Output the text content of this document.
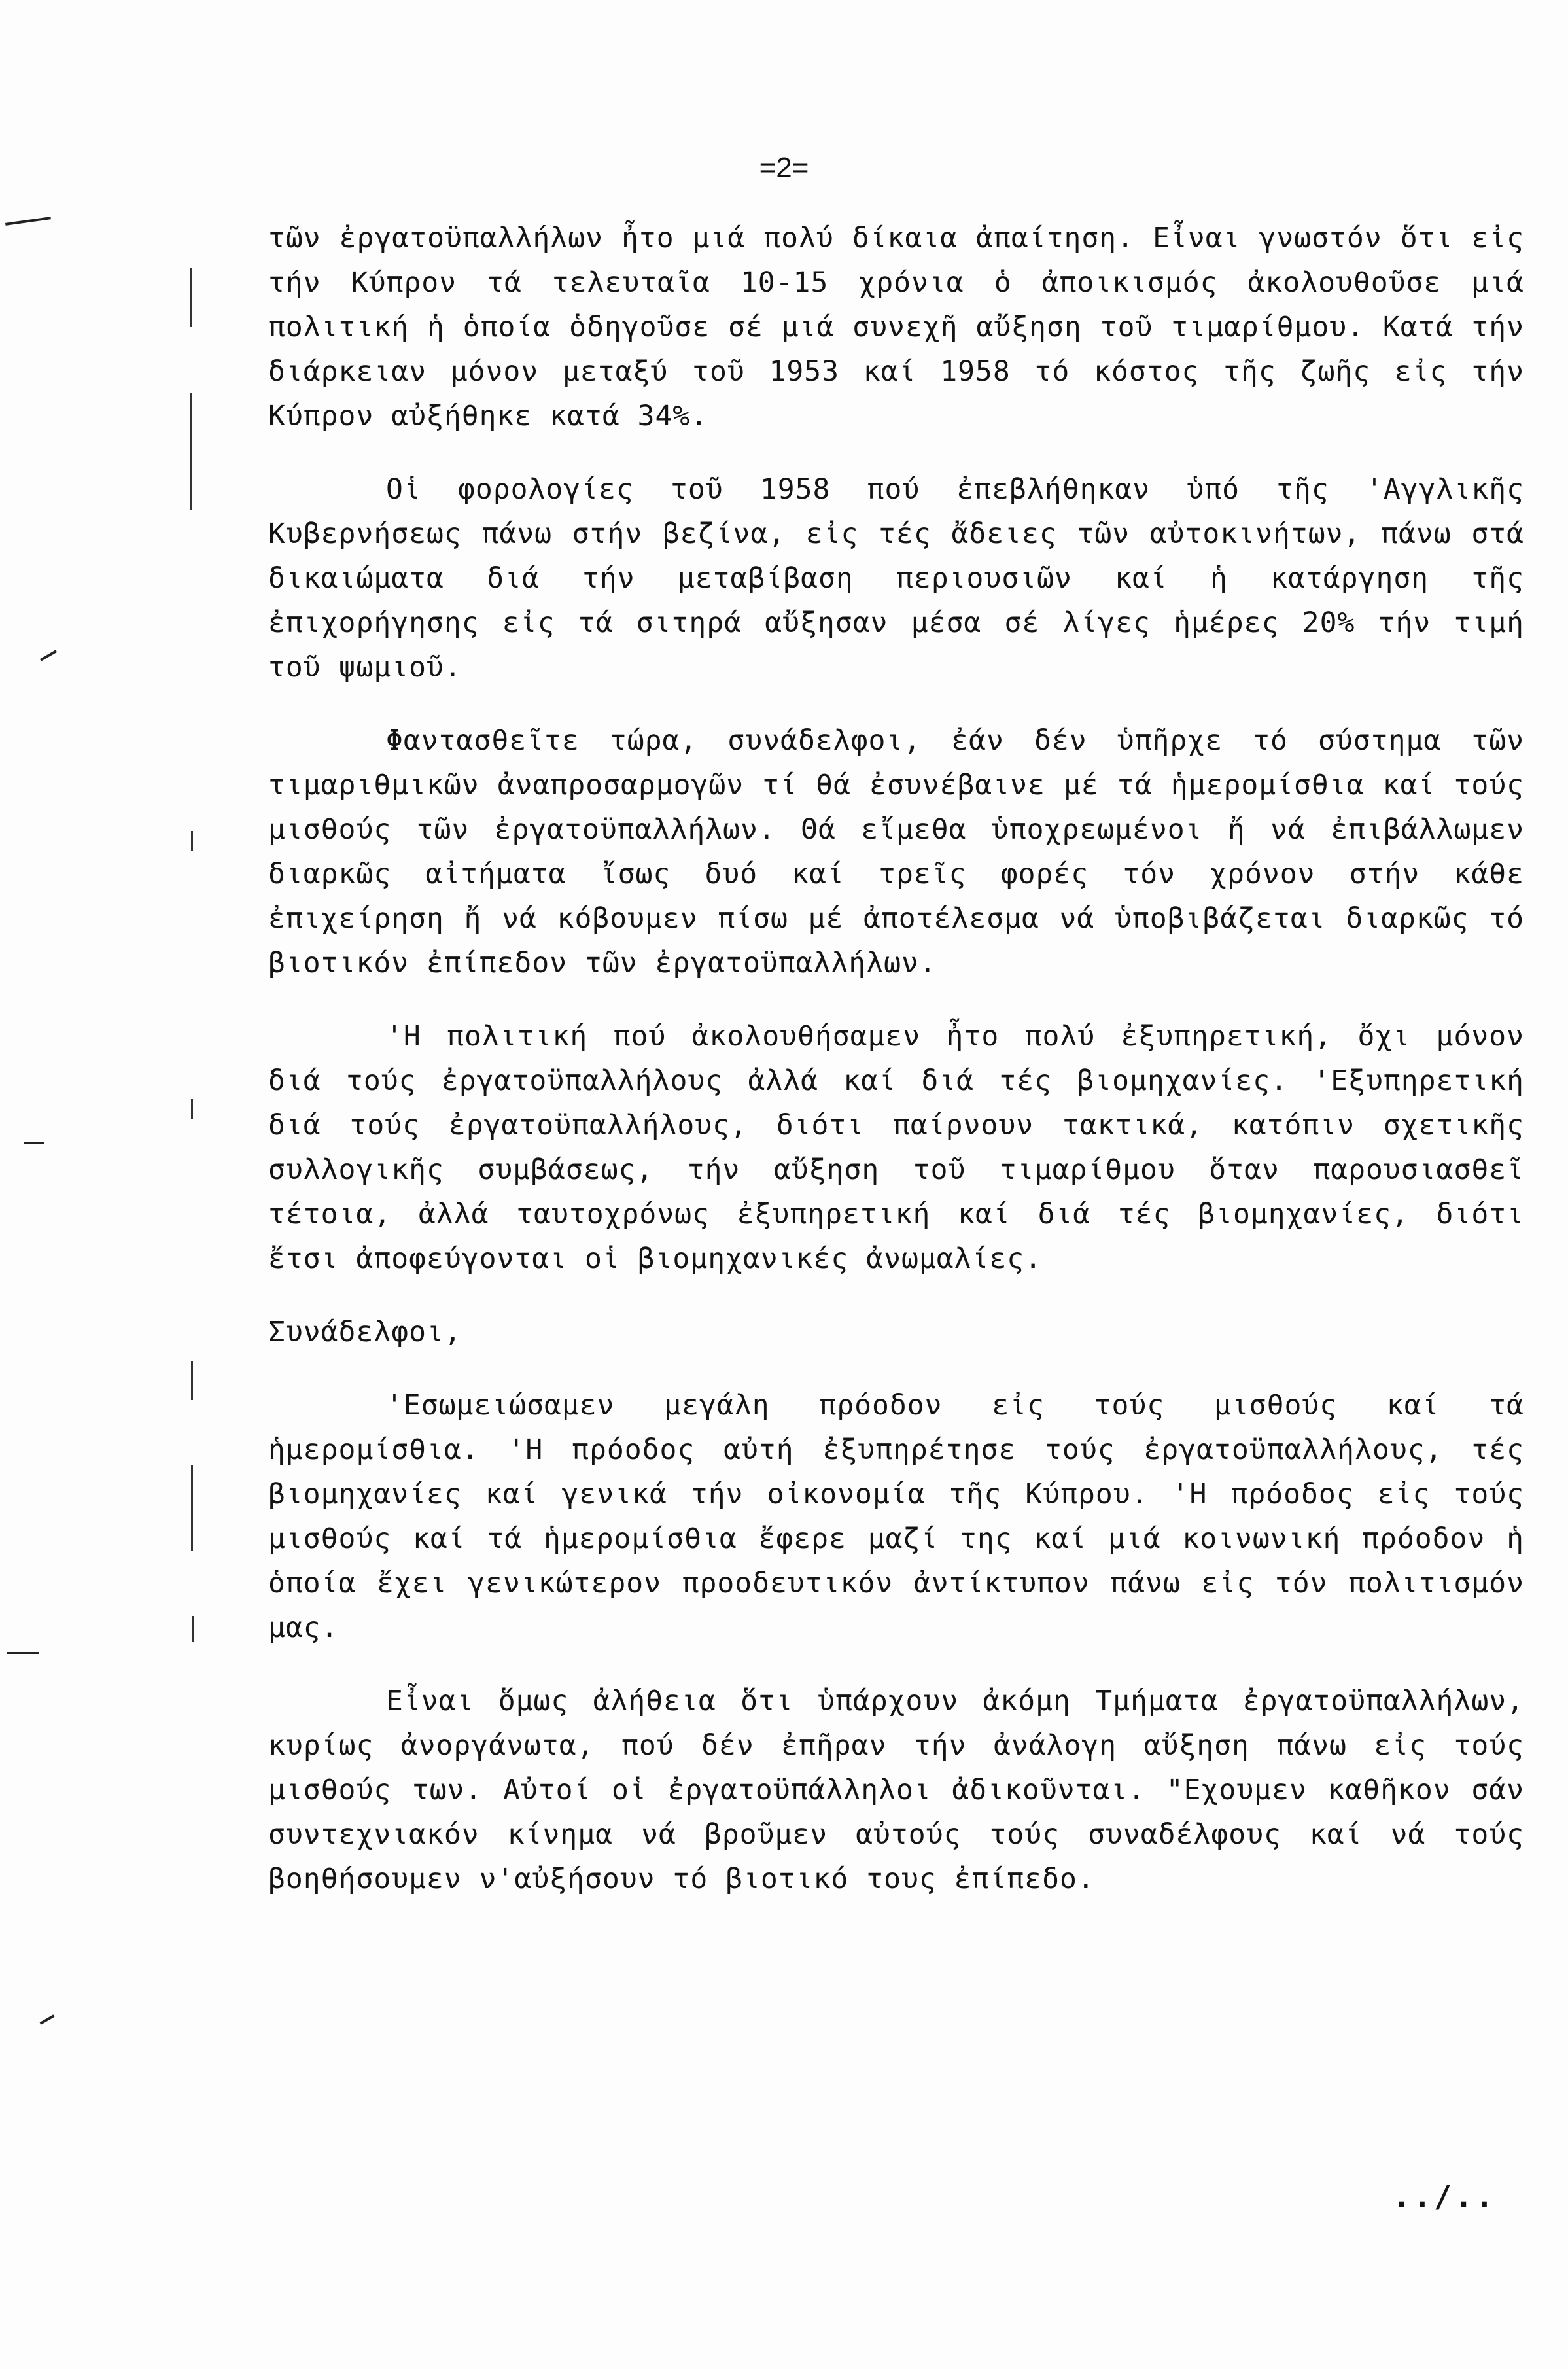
=2=

τῶν ἐργατοϋπαλλήλων ἦτο μιά πολύ δίκαια ἀπαίτηση. Εἶναι γνωστόν ὅτι εἰς τήν Κύπρον τά τελευταῖα 10-15 χρόνια ὁ ἀποικισμός ἀκολουθοῦσε μιά πολιτική ἡ ὁποία ὁδηγοῦσε σέ μιά συνεχῆ αὔξηση τοῦ τιμαρίθμου. Κατά τήν διάρκειαν μόνον μεταξύ τοῦ 1953 καί 1958 τό κόστος τῆς ζωῆς εἰς τήν Κύπρον αὐξήθηκε κατά 34%.

Οἱ φορολογίες τοῦ 1958 πού ἐπεβλήθηκαν ὑπό τῆς 'Αγγλικῆς Κυβερνήσεως πάνω στήν βεζίνα, εἰς τές ἄδειες τῶν αὐτοκινήτων, πάνω στά δικαιώματα διά τήν μεταβίβαση περιουσιῶν καί ἡ κατάργηση τῆς ἐπιχορήγησης εἰς τά σιτηρά αὔξησαν μέσα σέ λίγες ἡμέρες 20% τήν τιμή τοῦ ψωμιοῦ.

Φαντασθεῖτε τώρα, συνάδελφοι, ἐάν δέν ὑπῆρχε τό σύστημα τῶν τιμαριθμικῶν ἀναπροσαρμογῶν τί θά ἐσυνέβαινε μέ τά ἡμερομίσθια καί τούς μισθούς τῶν ἐργατοϋπαλλήλων. Θά εἴμεθα ὑποχρεωμένοι ἤ νά ἐπιβάλλωμεν διαρκῶς αἰτήματα ἴσως δυό καί τρεῖς φορές τόν χρόνον στήν κάθε ἐπιχείρηση ἤ νά κόβουμεν πίσω μέ ἀποτέλεσμα νά ὑποβιβάζεται διαρκῶς τό βιοτικόν ἐπίπεδον τῶν ἐργατοϋπαλλήλων.

'Η πολιτική πού ἀκολουθήσαμεν ἦτο πολύ ἐξυπηρετική, ὄχι μόνον διά τούς ἐργατοϋπαλλήλους ἀλλά καί διά τές βιομηχανίες. 'Εξυπηρετική διά τούς ἐργατοϋπαλλήλους, διότι παίρνουν τακτικά, κατόπιν σχετικῆς συλλογικῆς συμβάσεως, τήν αὔξηση τοῦ τιμαρίθμου ὅταν παρουσιασθεῖ τέτοια, ἀλλά ταυτοχρόνως ἐξυπηρετική καί διά τές βιομηχανίες, διότι ἔτσι ἀποφεύγονται οἱ βιομηχανικές ἀνωμαλίες.

Συνάδελφοι,

'Εσωμειώσαμεν μεγάλη πρόοδον εἰς τούς μισθούς καί τά ἡμερομίσθια. 'Η πρόοδος αὐτή ἐξυπηρέτησε τούς ἐργατοϋπαλλήλους, τές βιομηχανίες καί γενικά τήν οἰκονομία τῆς Κύπρου. 'Η πρόοδος εἰς τούς μισθούς καί τά ἡμερομίσθια ἔφερε μαζί της καί μιά κοινωνική πρόοδον ἡ ὁποία ἔχει γενικώτερον προοδευτικόν ἀντίκτυπον πάνω εἰς τόν πολιτισμόν μας.

Εἶναι ὅμως ἀλήθεια ὅτι ὑπάρχουν ἀκόμη Τμήματα ἐργατοϋπαλλήλων, κυρίως ἀνοργάνωτα, πού δέν ἐπῆραν τήν ἀνάλογη αὔξηση πάνω εἰς τούς μισθούς των. Αὐτοί οἱ ἐργατοϋπάλληλοι ἀδικοῦνται. "Εχουμεν καθῆκον σάν συντεχνιακόν κίνημα νά βροῦμεν αὐτούς τούς συναδέλφους καί νά τούς βοηθήσουμεν ν'αὐξήσουν τό βιοτικό τους ἐπίπεδο.

../..
